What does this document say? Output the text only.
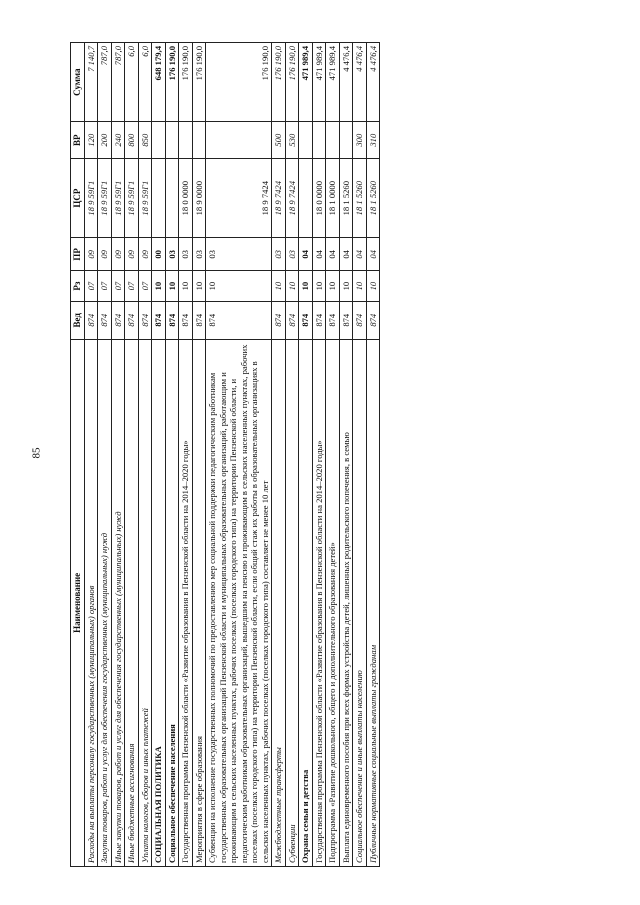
85
Наименование	Вед	Рз	ПР	ЦСР	ВР	Сумма
Расходы на выплаты персоналу государственных (муниципальных) органов	874	07	09	18 9 59Г1	120	7 140,7
Закупка товаров, работ и услуг для обеспечения государственных (муниципальных) нужд	874	07	09	18 9 59Г1	200	787,0
Иные закупки товаров, работ и услуг для обеспечения государственных (муниципальных) нужд	874	07	09	18 9 59Г1	240	787,0
Иные бюджетные ассигнования	874	07	09	18 9 59Г1	800	6,0
Уплата налогов, сборов и иных платежей	874	07	09	18 9 59Г1	850	6,0
СОЦИАЛЬНАЯ ПОЛИТИКА	874	10	00			648 179,4
Социальное обеспечение населения	874	10	03			176 190,0
Государственная программа Пензенской области «Развитие образования в Пензенской области на 2014–2020 годы»	874	10	03	18 0 0000		176 190,0
Мероприятия в сфере образования	874	10	03	18 9 0000		176 190,0
Субвенции на исполнение государственных полномочий по предоставлению мер социальной поддержки педагогическим работникам государственных образовательных организаций Пензенской области и муниципальных образовательных организаций, работающим и проживающим в сельских населенных пунктах, рабочих поселках (поселках городского типа) на территории Пензенской области, и педагогическим работникам образовательных организаций, вышедшим на пенсию и проживающим в сельских населенных пунктах, рабочих поселках (поселках городского типа) на территории Пензенской области, если общий стаж их работы в образовательных организациях в сельских населенных пунктах, рабочих поселках (поселках городского типа) составляет не менее 10 лет	874	10	03	18 9 7424		176 190,0
Межбюджетные трансферты	874	10	03	18 9 7424	500	176 190,0
Субвенции	874	10	03	18 9 7424	530	176 190,0
Охрана семьи и детства	874	10	04			471 989,4
Государственная программа Пензенской области «Развитие образования в Пензенской области на 2014–2020 годы»	874	10	04	18 0 0000		471 989,4
Подпрограмма «Развитие дошкольного, общего и дополнительного образования детей»	874	10	04	18 1 0000		471 989,4
Выплата единовременного пособия при всех формах устройства детей, лишенных родительского попечения, в семью	874	10	04	18 1 5260		4 476,4
Социальное обеспечение и иные выплаты населению	874	10	04	18 1 5260	300	4 476,4
Публичные нормативные социальные выплаты гражданам	874	10	04	18 1 5260	310	4 476,4
